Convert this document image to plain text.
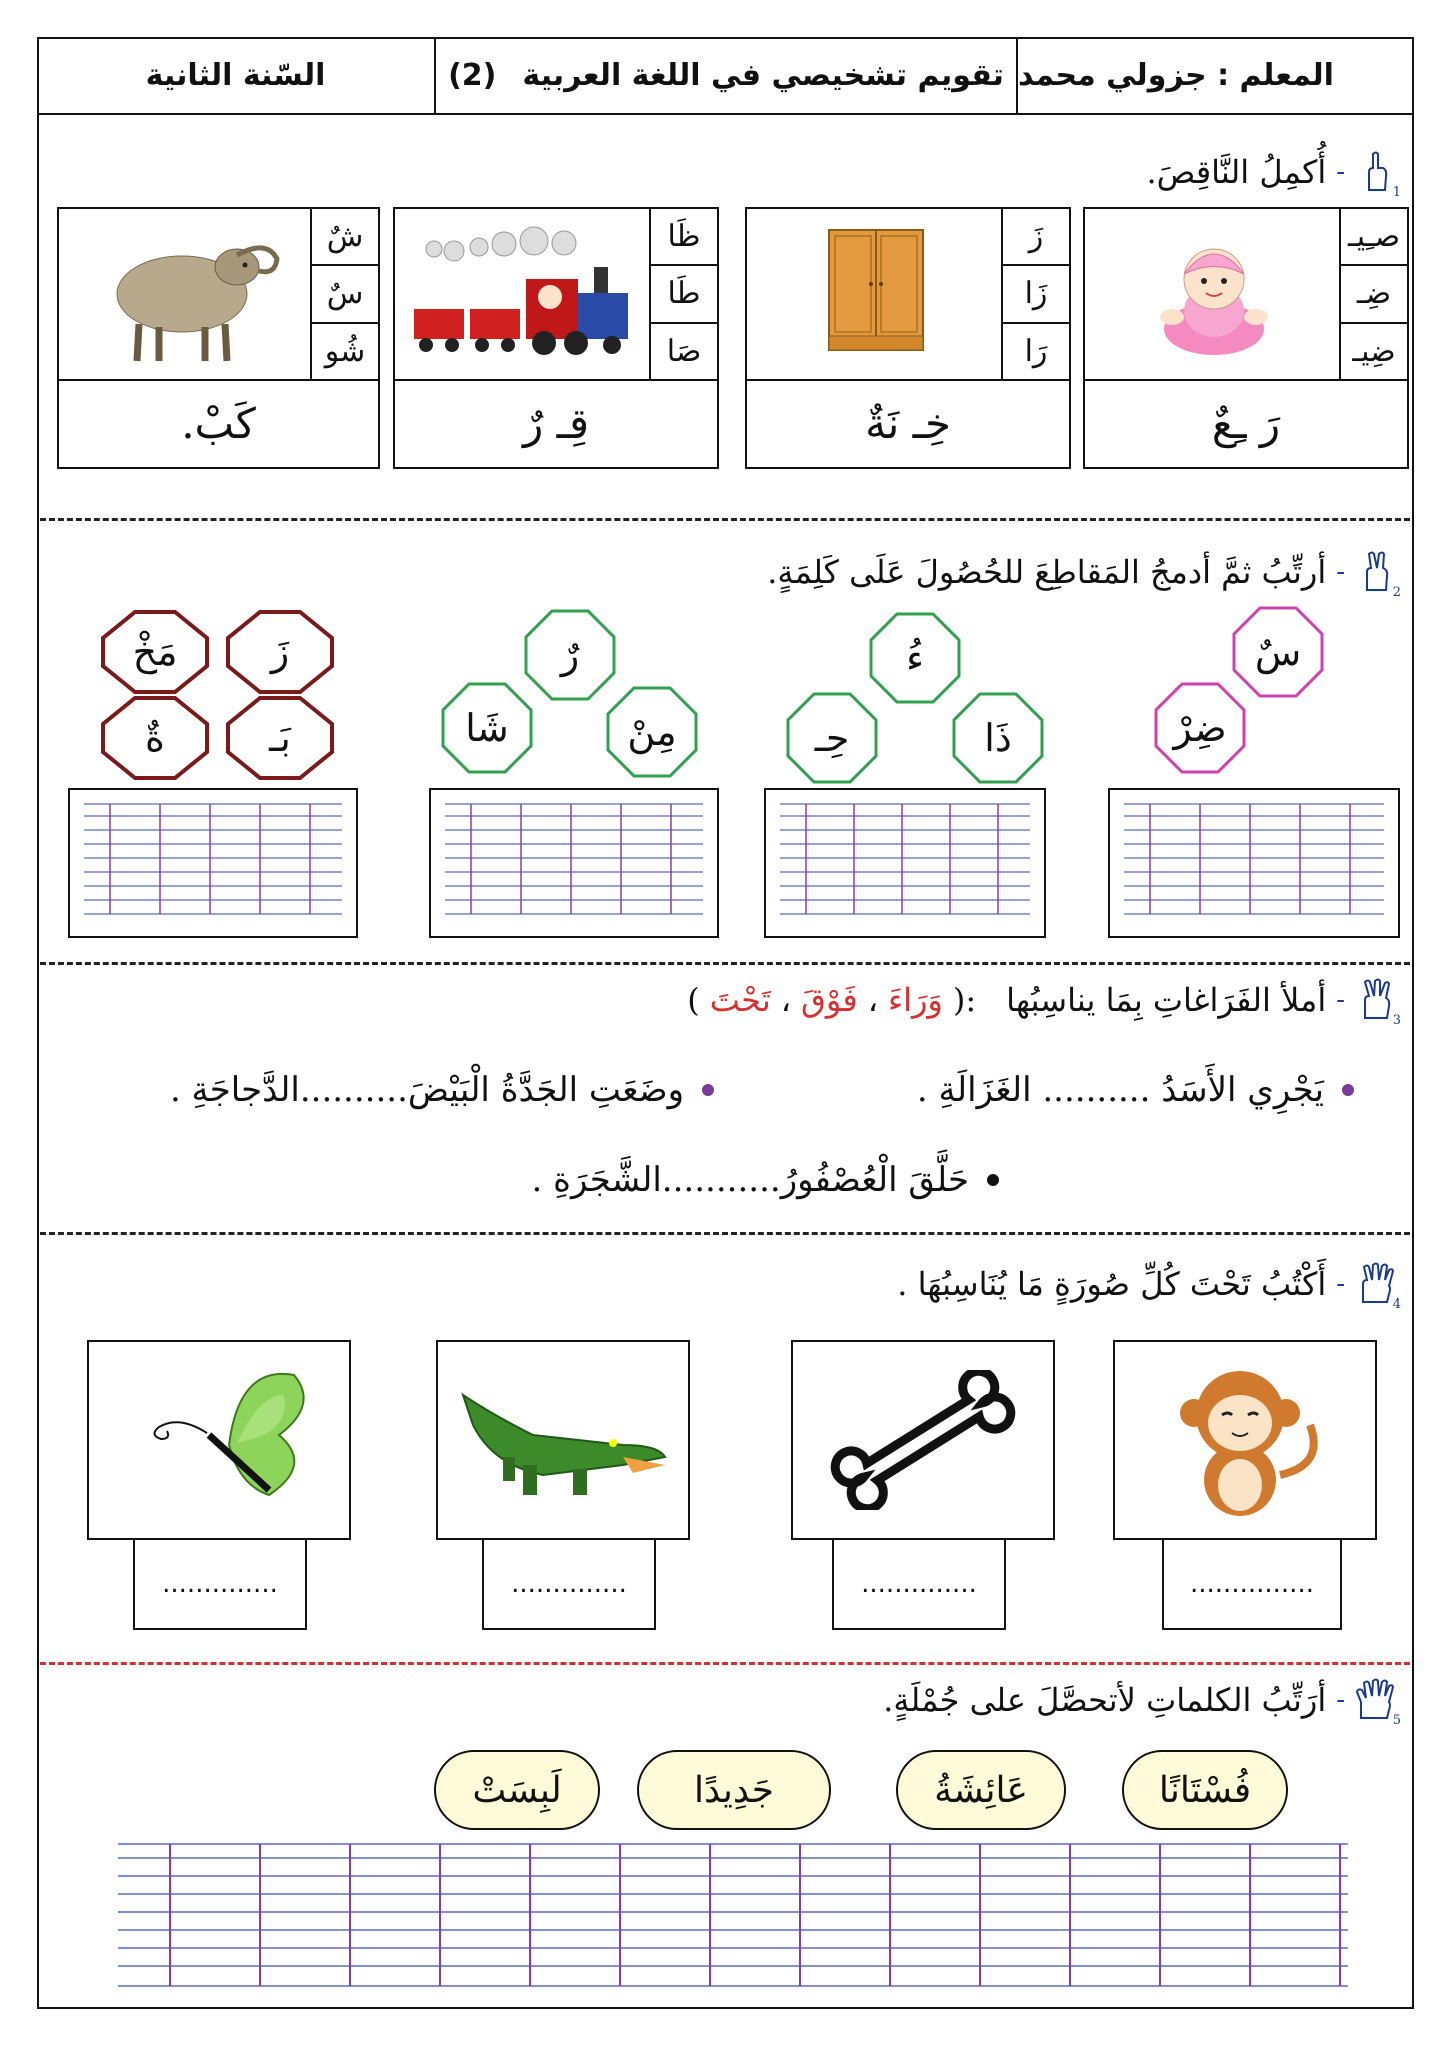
السّنة الثانية	تقويم تشخيصي في اللغة العربية
(2)	المعلم : جزولي محمد
1
-
أُكمِلُ النَّاقِصَ.
صـِيـ
ضِـ
ضِيـ
رَ ـِعٌ
زَ
زَا
رَا
خِـ نَةٌ
ظَا
طَا
صَا
قِـ رٌ
شٌ
سٌ
شُو
كَبْ.
2
-
أرتِّبُ ثمَّ أدمجُ المَقاطِعَ للحُصُولَ عَلَى كَلِمَةٍ.
سٌ
ضِرْ
ءُ
حِـ	ذَا
رٌ
شَا	مِنْ
زَ
مَخْ
بَـ
ةٌ
3
-
أملأ الفَرَاغاتِ بِمَا يناسِبُها
:(
وَرَاءَ
،
فَوْقَ
،
تَحْتَ
)
يَجْرِي الأَسَدُ .......... الغَزَالَةِ .
وضَعَتِ الجَدَّةُ الْبَيْضَ..........الدَّجاجَةِ .
حَلَّقَ الْعُصْفُورُ...........الشَّجَرَةِ .
4
-
أَكْتُبُ تَحْتَ كُلِّ صُورَةٍ مَا يُنَاسِبُهَا .
...............
..............
..............
..............
5
-
أرَتِّبُ الكلماتِ لأتحصَّلَ على جُمْلَةٍ.
فُسْتَانًا
عَائِشَةُ
جَدِيدًا
لَبِسَتْ
